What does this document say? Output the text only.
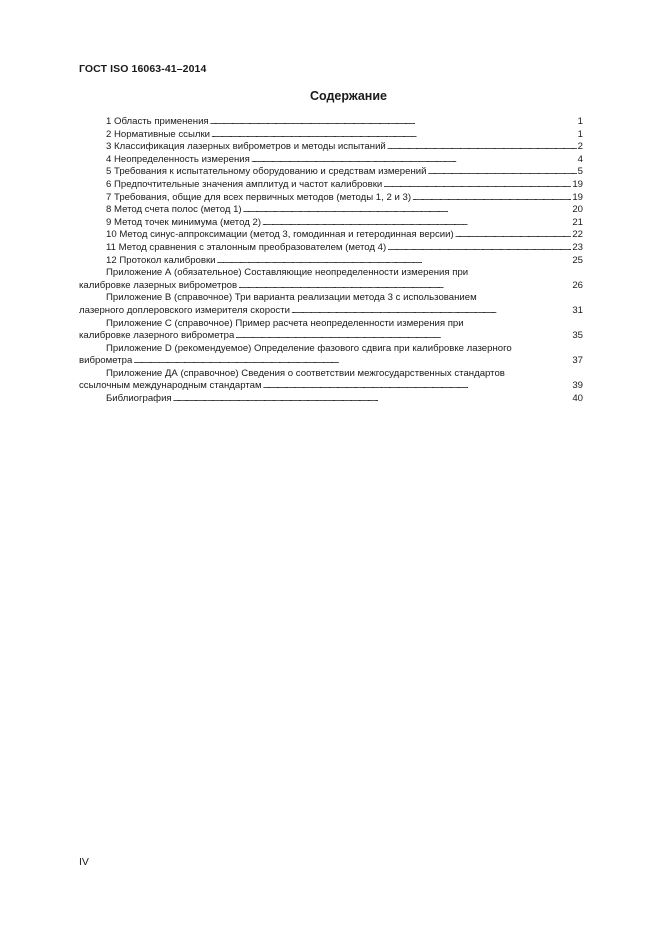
ГОСТ ISO 16063-41–2014
Содержание
1 Область применения . . .	1
2 Нормативные ссылки . . .	1
3 Классификация лазерных виброметров и методы испытаний . . .	2
4 Неопределенность измерения . . .	4
5 Требования к испытательному оборудованию и средствам измерений . . .	5
6 Предпочтительные значения амплитуд и частот калибровки . . .	19
7 Требования, общие для всех первичных методов (методы 1, 2 и 3) . . .	19
8 Метод счета полос (метод 1) . . .	20
9 Метод точек минимума (метод 2) . . .	21
10 Метод синус-аппроксимации (метод 3, гомодинная и гетеродинная версии) . . .	22
11 Метод сравнения с эталонным преобразователем (метод 4) . . .	23
12 Протокол калибровки . . .	25
Приложение А (обязательное) Составляющие неопределенности измерения при
калибровке лазерных виброметров . . .	26
Приложение В (справочное) Три варианта реализации метода 3 с использованием
лазерного доплеровского измерителя скорости . . .	31
Приложение С (справочное) Пример расчета неопределенности измерения при
калибровке лазерного виброметра . . .	35
Приложение D (рекомендуемое) Определение фазового сдвига при калибровке лазерного
виброметра . . .	37
Приложение ДА (справочное) Сведения о соответствии межгосударственных стандартов
ссылочным международным стандартам . . .	39
Библиография . . .	40
IV
